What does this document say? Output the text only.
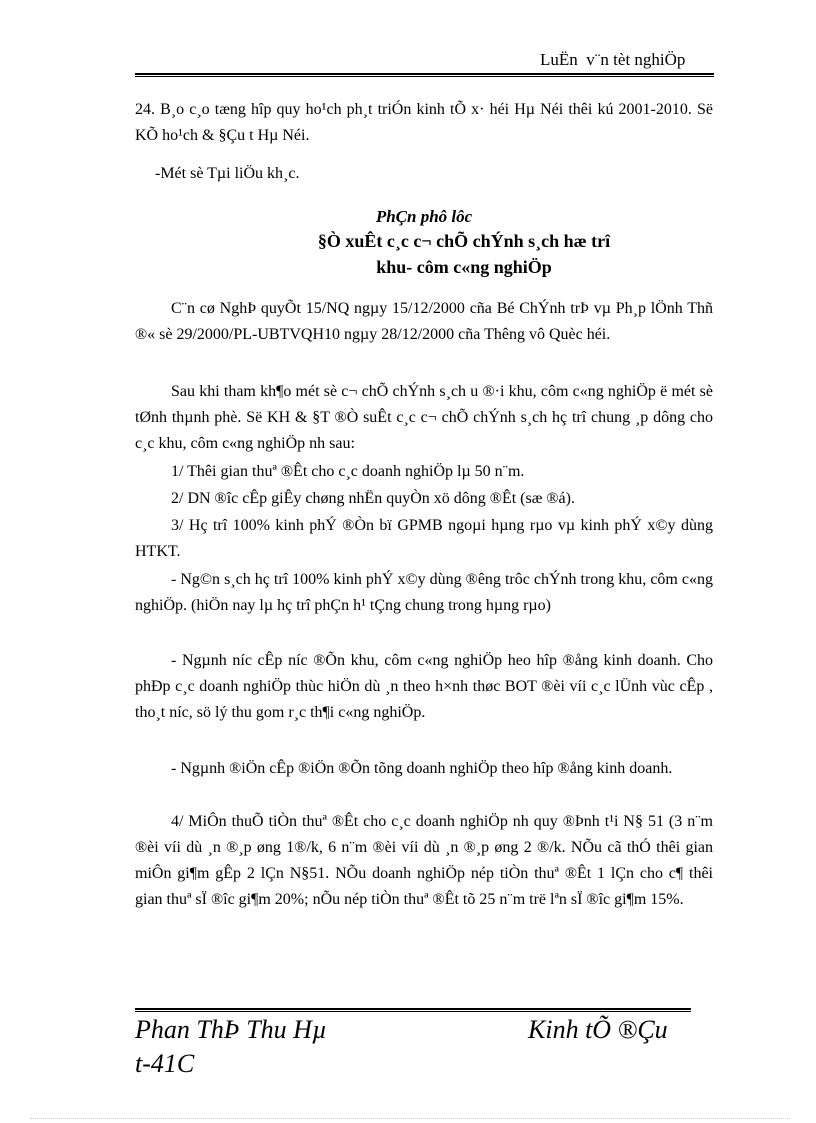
LuËn  v¨n tèt nghiÖp
24. B¸o c¸o tæng hîp quy ho¹ch ph¸t triÓn kinh tÕ x· héi Hµ Néi thêi kú 2001-2010. Së KÕ ho¹ch & §Çu t Hµ Néi.
-Mét sè Tµi liÖu kh¸c.
PhÇn phô lôc
§Ò xuÊt c¸c c¬ chÕ chÝnh s¸ch hæ trî
khu- côm c«ng nghiÖp
C¨n cø NghÞ quyÕt 15/NQ ngµy 15/12/2000 cña Bé ChÝnh trÞ vµ Ph¸p lÖnh Thñ ®« sè 29/2000/PL-UBTVQH10 ngµy 28/12/2000 cña Thêng vô Quèc héi.
Sau khi tham kh¶o mét sè c¬ chÕ chÝnh s¸ch u ®·i khu, côm c«ng nghiÖp ë mét sè tØnh thµnh phè. Së KH & §T ®Ò suÊt c¸c c¬ chÕ chÝnh s¸ch hç trî chung ¸p dông cho c¸c khu, côm c«ng nghiÖp nh sau:
1/ Thêi gian thuª ®Êt cho c¸c doanh nghiÖp lµ 50 n¨m.
2/ DN ®îc cÊp giÊy chøng nhËn quyÒn xö dông ®Êt (sæ ®á).
3/ Hç trî 100% kinh phÝ ®Òn bï GPMB ngoµi hµng rµo vµ kinh phÝ x©y dùng HTKT.
- Ng©n s¸ch hç trî 100% kinh phÝ x©y dùng ®êng trôc chÝnh trong khu, côm c«ng nghiÖp. (hiÖn nay lµ hç trî phÇn h¹ tÇng chung trong hµng rµo)
- Ngµnh níc cÊp níc ®Õn khu, côm c«ng nghiÖp heo hîp ®ång kinh doanh. Cho phÐp c¸c doanh nghiÖp thùc hiÖn dù ¸n theo h×nh thøc BOT ®èi víi c¸c lÜnh vùc cÊp , tho¸t níc, sö lý thu gom r¸c th¶i c«ng nghiÖp.
- Ngµnh ®iÖn cÊp ®iÖn ®Õn tõng doanh nghiÖp theo hîp ®ång kinh doanh.
4/ MiÔn thuÕ tiÒn thuª ®Êt cho c¸c doanh nghiÖp nh quy ®Þnh t¹i N§ 51 (3 n¨m ®èi víi dù ¸n ®¸p øng 1®/k, 6 n¨m ®èi víi dù ¸n ®¸p øng 2 ®/k. NÕu cã thÓ thêi gian miÔn gi¶m gÊp 2 lÇn N§51. NÕu doanh nghiÖp nép tiÒn thuª ®Êt 1 lÇn cho c¶ thêi gian thuª sÏ ®îc gi¶m 20%; nÕu nép tiÒn thuª ®Êt tõ 25 n¨m trë lªn sÏ ®îc gi¶m 15%.
Phan ThÞ Thu Hµ
t-41C
Kinh tÕ ®Çu
